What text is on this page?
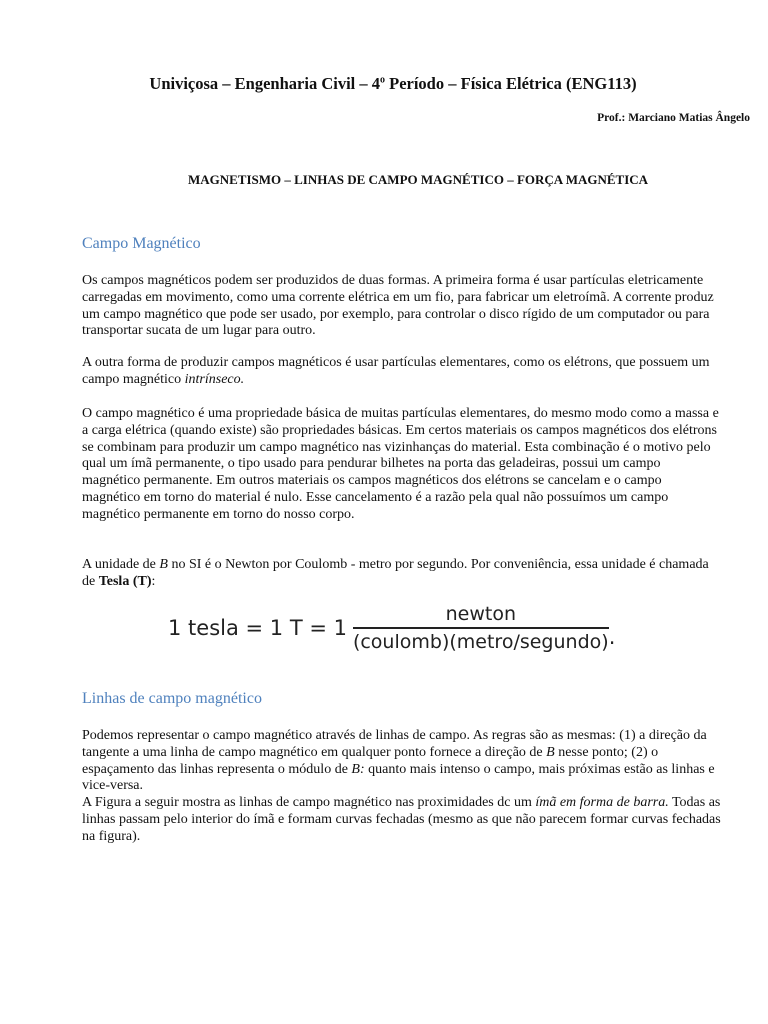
Univiçosa – Engenharia Civil – 4$^o$ Período – Física Elétrica (ENG113)
Prof.: Marciano Matias Ângelo
MAGNETISMO – LINHAS DE CAMPO MAGNÉTICO – FORÇA MAGNÉTICA
Campo Magnético

Os campos magnéticos podem ser produzidos de duas formas. A primeira forma é usar partículas eletricamente carregadas em movimento, como uma corrente elétrica em um fio, para fabricar um eletroímã. A corrente produz um campo magnético que pode ser usado, por exemplo, para controlar o disco rígido de um computador ou para transportar sucata de um lugar para outro.

A outra forma de produzir campos magnéticos é usar partículas elementares, como os elétrons, que possuem um campo magnético intrínseco.

O campo magnético é uma propriedade básica de muitas partículas elementares, do mesmo modo como a massa e a carga elétrica (quando existe) são propriedades básicas. Em certos materiais os campos magnéticos dos elétrons se combinam para produzir um campo magnético nas vizinhanças do material. Esta combinação é o motivo pelo qual um ímã permanente, o tipo usado para pendurar bilhetes na porta das geladeiras, possui um campo magnético permanente. Em outros materiais os campos magnéticos dos elétrons se cancelam e o campo magnético em torno do material é nulo. Esse cancelamento é a razão pela qual não possuímos um campo magnético permanente em torno do nosso corpo.

A unidade de B no SI é o Newton por Coulomb - metro por segundo. Por conveniência, essa unidade é chamada de Tesla (T):

1 tesla = 1 $T = 1 \frac{\text{newton}}{\text{(coulomb)(metro/segundo)}}$ .
Linhas de campo magnético

Podemos representar o campo magnético através de linhas de campo. As regras são as mesmas: (1) a direção da tangente a uma linha de campo magnético em qualquer ponto fornece a direção de B nesse ponto; (2) o espaçamento das linhas representa o módulo de B: quanto mais intenso o campo, mais próximas estão as linhas e vice-versa.
A Figura a seguir mostra as linhas de campo magnético nas proximidades dc um ímã em forma de barra. Todas as linhas passam pelo interior do ímã e formam curvas fechadas (mesmo as que não parecem formar curvas fechadas na figura).
